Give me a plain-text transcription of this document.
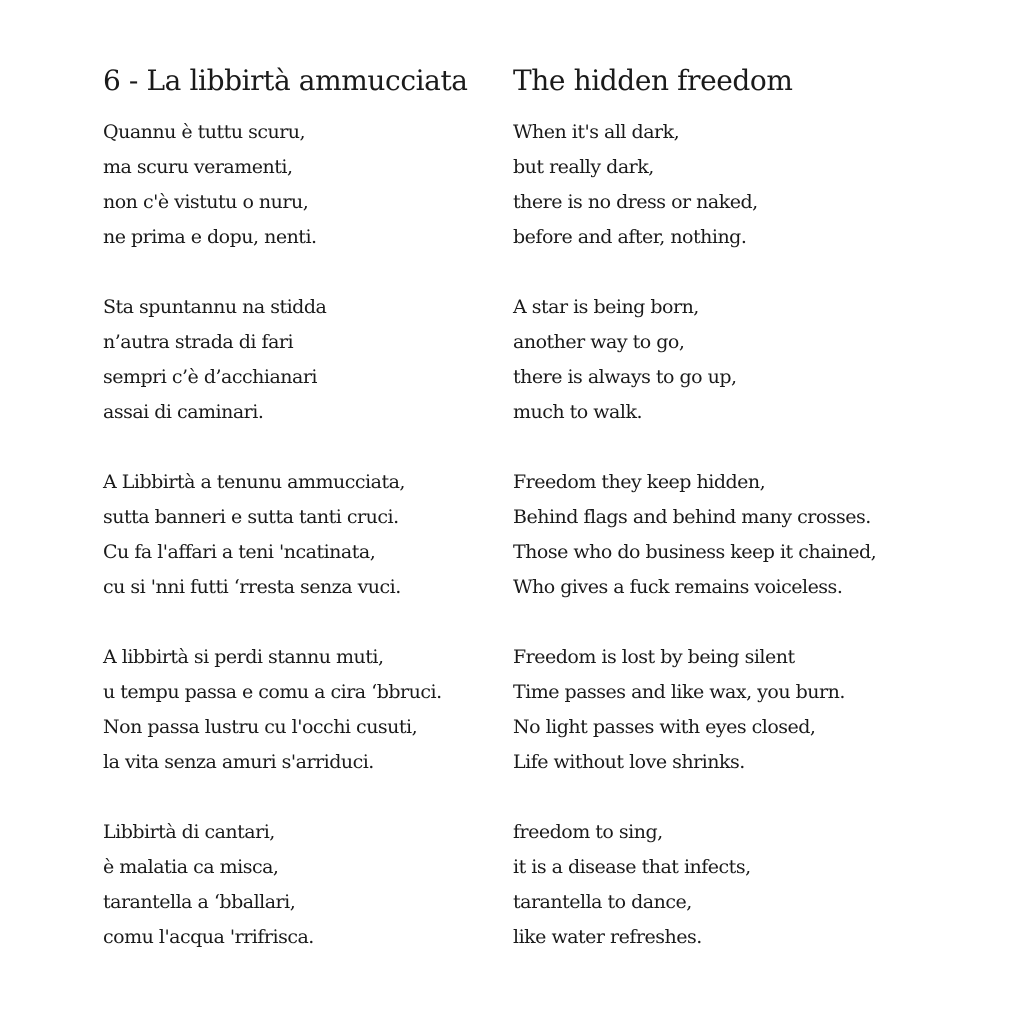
6 - La libbirtà ammucciata

Quannu è tuttu scuru,
ma scuru veramenti,
non c'è vistutu o nuru,
ne prima e dopu, nenti.

Sta spuntannu na stidda
n’autra strada di fari
sempri c’è d’acchianari
assai di caminari.

A Libbirtà a tenunu ammucciata,
sutta banneri e sutta tanti cruci.
Cu fa l'affari a teni 'ncatinata,
cu si 'nni futti ‘rresta senza vuci.

A libbirtà si perdi stannu muti,
u tempu passa e comu a cira ‘bbruci.
Non passa lustru cu l'occhi cusuti,
la vita senza amuri s'arriduci.

Libbirtà di cantari,
è malatia ca misca,
tarantella a ‘bballari,
comu l'acqua 'rrifrisca.

The hidden freedom

When it's all dark,
but really dark,
there is no dress or naked,
before and after, nothing.

A star is being born,
another way to go,
there is always to go up,
much to walk.

Freedom they keep hidden,
Behind flags and behind many crosses.
Those who do business keep it chained,
Who gives a fuck remains voiceless.

Freedom is lost by being silent
Time passes and like wax, you burn.
No light passes with eyes closed,
Life without love shrinks.

freedom to sing,
it is a disease that infects,
tarantella to dance,
like water refreshes.
